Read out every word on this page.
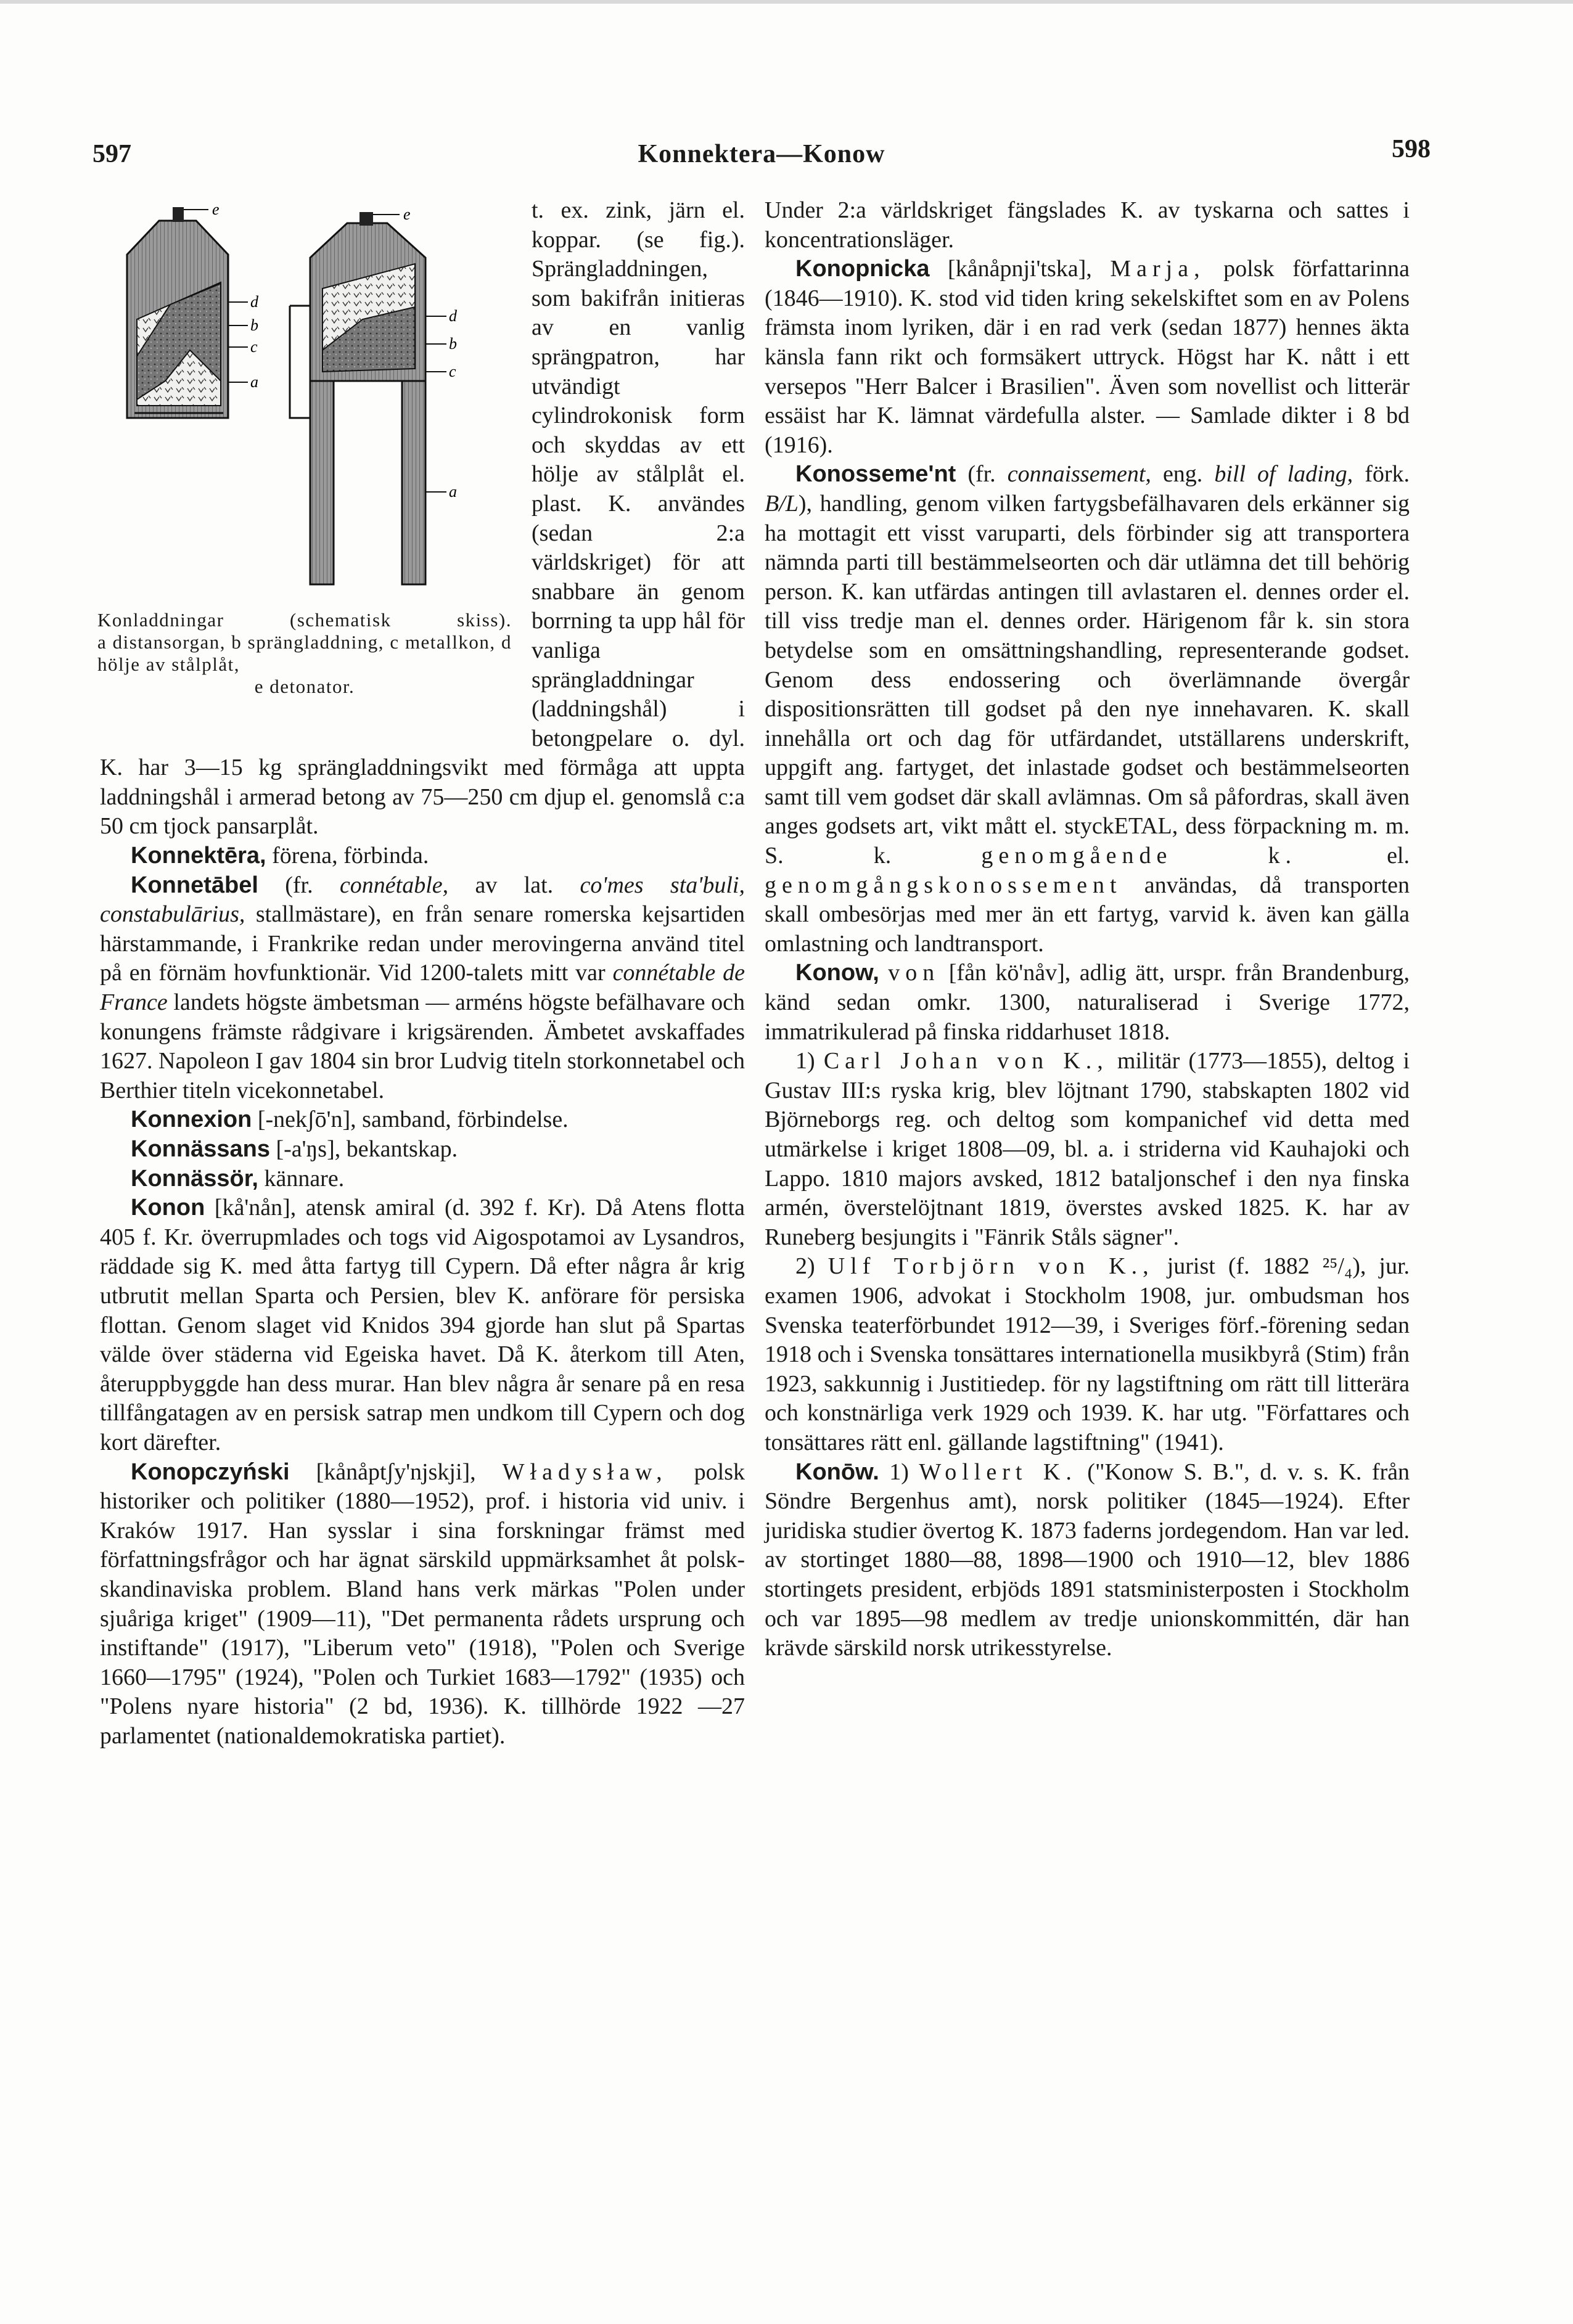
597	Konnektera—Konow	598
e
d
b
c
a
e
d
b
c
a
Konladdningar (schematisk skiss).
a distansorgan, b sprängladdning, c metallkon, d hölje av stålplåt,
e detonator.

t. ex. zink, järn el. koppar. (se fig.). Sprängladdningen, som bakifrån initieras av en vanlig sprängpatron, har utvändigt cylindrokonisk form och skyddas av ett hölje av stålplåt el. plast. K. användes (sedan 2:a världskriget) för att snabbare än genom borrning ta upp hål för vanliga sprängladdningar (laddningshål) i betongpelare o. dyl. K. har 3—15 kg sprängladdningsvikt med förmåga att uppta laddningshål i armerad betong av 75—250 cm djup el. genomslå c:a 50 cm tjock pansarplåt.

Konnektēra, förena, förbinda.

Konnetābel (fr. connétable, av lat. co'mes sta'buli, constabulārius, stallmästare), en från senare romerska kejsartiden härstammande, i Frankrike redan under merovingerna använd titel på en förnäm hovfunktionär. Vid 1200-talets mitt var connétable de France landets högste ämbetsman — arméns högste befälhavare och konungens främste rådgivare i krigsärenden. Ämbetet avskaffades 1627. Napoleon I gav 1804 sin bror Ludvig titeln storkonnetabel och Berthier titeln vicekonnetabel.

Konnexion [-nekʃō'n], samband, förbindelse.

Konnässans [-a'ŋs], bekantskap.

Konnässör, kännare.

Konon [kå'nån], atensk amiral (d. 392 f. Kr). Då Atens flotta 405 f. Kr. överrupmlades och togs vid Aigospotamoi av Lysandros, räddade sig K. med åtta fartyg till Cypern. Då efter några år krig utbrutit mellan Sparta och Persien, blev K. anförare för persiska flottan. Genom slaget vid Knidos 394 gjorde han slut på Spartas välde över städerna vid Egeiska havet. Då K. återkom till Aten, återuppbyggde han dess murar. Han blev några år senare på en resa tillfångatagen av en persisk satrap men undkom till Cypern och dog kort därefter.

Konopczyński [kånåptʃy'njskji], Władysław, polsk historiker och politiker (1880—1952), prof. i historia vid univ. i Kraków 1917. Han sysslar i sina forskningar främst med författningsfrågor och har ägnat särskild uppmärksamhet åt polsk-skandinaviska problem. Bland hans verk märkas "Polen under sjuåriga kriget" (1909—11), "Det permanenta rådets ursprung och instiftande" (1917), "Liberum veto" (1918), "Polen och Sverige 1660—1795" (1924), "Polen och Turkiet 1683—1792" (1935) och "Polens nyare historia" (2 bd, 1936). K. tillhörde 1922 —27 parlamentet (nationaldemokratiska partiet).

Under 2:a världskriget fängslades K. av tyskarna och sattes i koncentrationsläger.

Konopnicka [kånåpnji'tska], Marja, polsk författarinna (1846—1910). K. stod vid tiden kring sekelskiftet som en av Polens främsta inom lyriken, där i en rad verk (sedan 1877) hennes äkta känsla fann rikt och formsäkert uttryck. Högst har K. nått i ett versepos "Herr Balcer i Brasilien". Även som novellist och litterär essäist har K. lämnat värdefulla alster. — Samlade dikter i 8 bd (1916).

Konosseme'nt (fr. connaissement, eng. bill of lading, förk. B/L), handling, genom vilken fartygsbefälhavaren dels erkänner sig ha mottagit ett visst varuparti, dels förbinder sig att transportera nämnda parti till bestämmelseorten och där utlämna det till behörig person. K. kan utfärdas antingen till avlastaren el. dennes order el. till viss tredje man el. dennes order. Härigenom får k. sin stora betydelse som en omsättningshandling, representerande godset. Genom dess endossering och överlämnande övergår dispositionsrätten till godset på den nye innehavaren. K. skall innehålla ort och dag för utfärdandet, utställarens underskrift, uppgift ang. fartyget, det inlastade godset och bestämmelseorten samt till vem godset där skall avlämnas. Om så påfordras, skall även anges godsets art, vikt mått el. styckETAL, dess förpackning m. m. S. k. genomgående k. el. genomgångskonossement användas, då transporten skall ombesörjas med mer än ett fartyg, varvid k. även kan gälla omlastning och landtransport.

Konow, von [fån kö'nåv], adlig ätt, urspr. från Brandenburg, känd sedan omkr. 1300, naturaliserad i Sverige 1772, immatrikulerad på finska riddarhuset 1818.

1) Carl Johan von K., militär (1773—1855), deltog i Gustav III:s ryska krig, blev löjtnant 1790, stabskapten 1802 vid Björneborgs reg. och deltog som kompanichef vid detta med utmärkelse i kriget 1808—09, bl. a. i striderna vid Kauhajoki och Lappo. 1810 majors avsked, 1812 bataljonschef i den nya finska armén, överstelöjtnant 1819, överstes avsked 1825. K. har av Runeberg besjungits i "Fänrik Ståls sägner".

2) Ulf Torbjörn von K., jurist (f. 1882 ²⁵/₄), jur. examen 1906, advokat i Stockholm 1908, jur. ombudsman hos Svenska teaterförbundet 1912—39, i Sveriges förf.-förening sedan 1918 och i Svenska tonsättares internationella musikbyrå (Stim) från 1923, sakkunnig i Justitiedep. för ny lagstiftning om rätt till litterära och konstnärliga verk 1929 och 1939. K. har utg. "Författares och tonsättares rätt enl. gällande lagstiftning" (1941).

Konōw. 1) Wollert K. ("Konow S. B.", d. v. s. K. från Söndre Bergenhus amt), norsk politiker (1845—1924). Efter juridiska studier övertog K. 1873 faderns jordegendom. Han var led. av stortinget 1880—88, 1898—1900 och 1910—12, blev 1886 stortingets president, erbjöds 1891 statsministerposten i Stockholm och var 1895—98 medlem av tredje unionskommittén, där han krävde särskild norsk utrikesstyrelse.
